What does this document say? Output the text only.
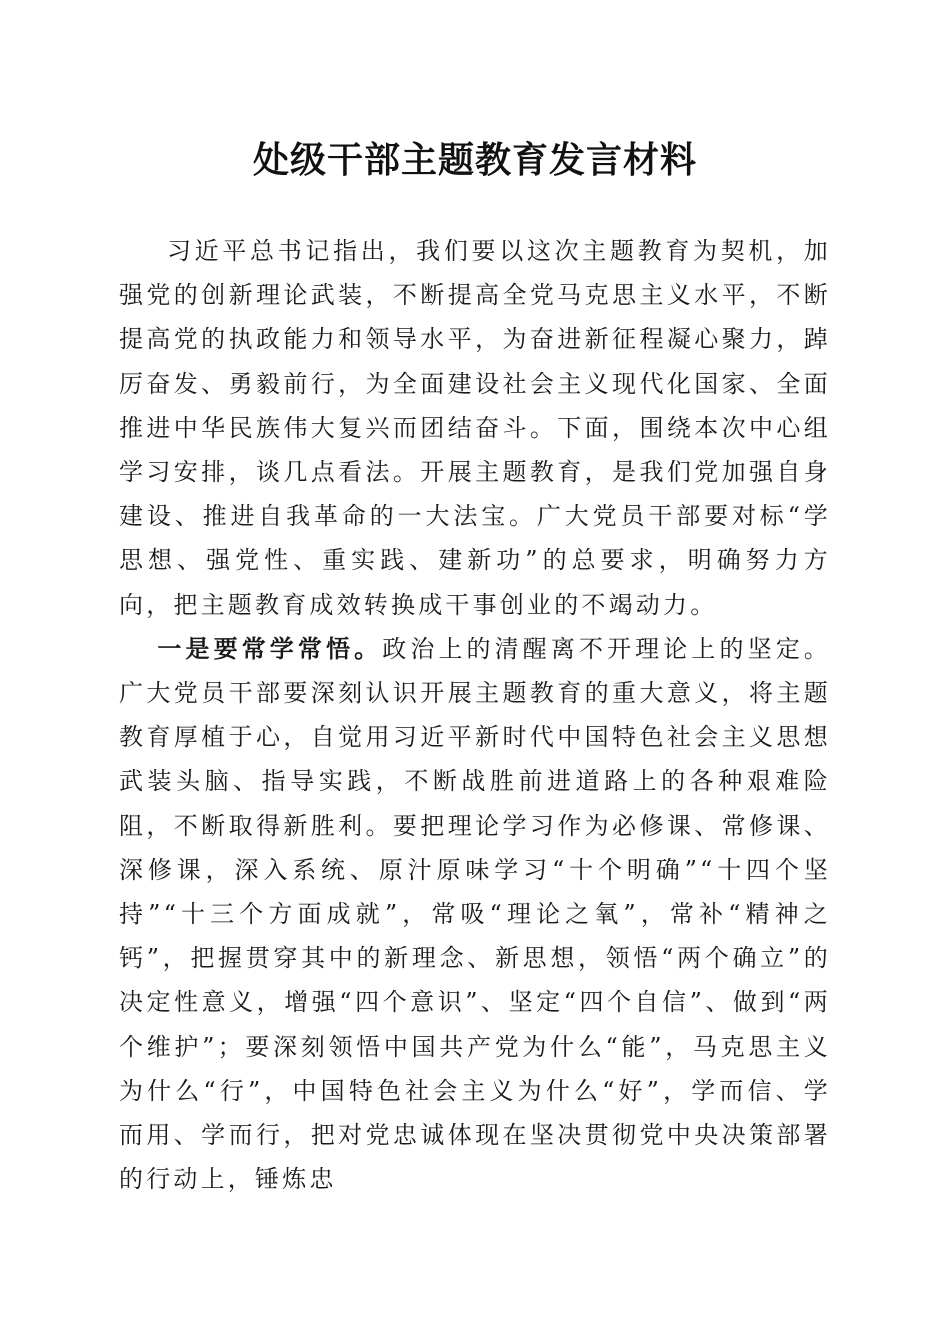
处级干部主题教育发言材料

习近平总书记指出，我们要以这次主题教育为契机，加强党的创新理论武装，不断提高全党马克思主义水平，不断提高党的执政能力和领导水平，为奋进新征程凝心聚力，踔厉奋发、勇毅前行，为全面建设社会主义现代化国家、全面推进中华民族伟大复兴而团结奋斗。下面，围绕本次中心组学习安排，谈几点看法。开展主题教育，是我们党加强自身建设、推进自我革命的一大法宝。广大党员干部要对标“学思想、强党性、重实践、建新功”的总要求，明确努力方向，把主题教育成效转换成干事创业的不竭动力。

一是要常学常悟。政治上的清醒离不开理论上的坚定。广大党员干部要深刻认识开展主题教育的重大意义，将主题教育厚植于心，自觉用习近平新时代中国特色社会主义思想武装头脑、指导实践，不断战胜前进道路上的各种艰难险阻，不断取得新胜利。要把理论学习作为必修课、常修课、深修课，深入系统、原汁原味学习“十个明确”“十四个坚持”“十三个方面成就”，常吸“理论之氧”，常补“精神之钙”，把握贯穿其中的新理念、新思想，领悟“两个确立”的决定性意义，增强“四个意识”、坚定“四个自信”、做到“两个维护”；要深刻领悟中国共产党为什么“能”，马克思主义为什么“行”，中国特色社会主义为什么“好”，学而信、学而用、学而行，把对党忠诚体现在坚决贯彻党中央决策部署的行动上，锤炼忠
